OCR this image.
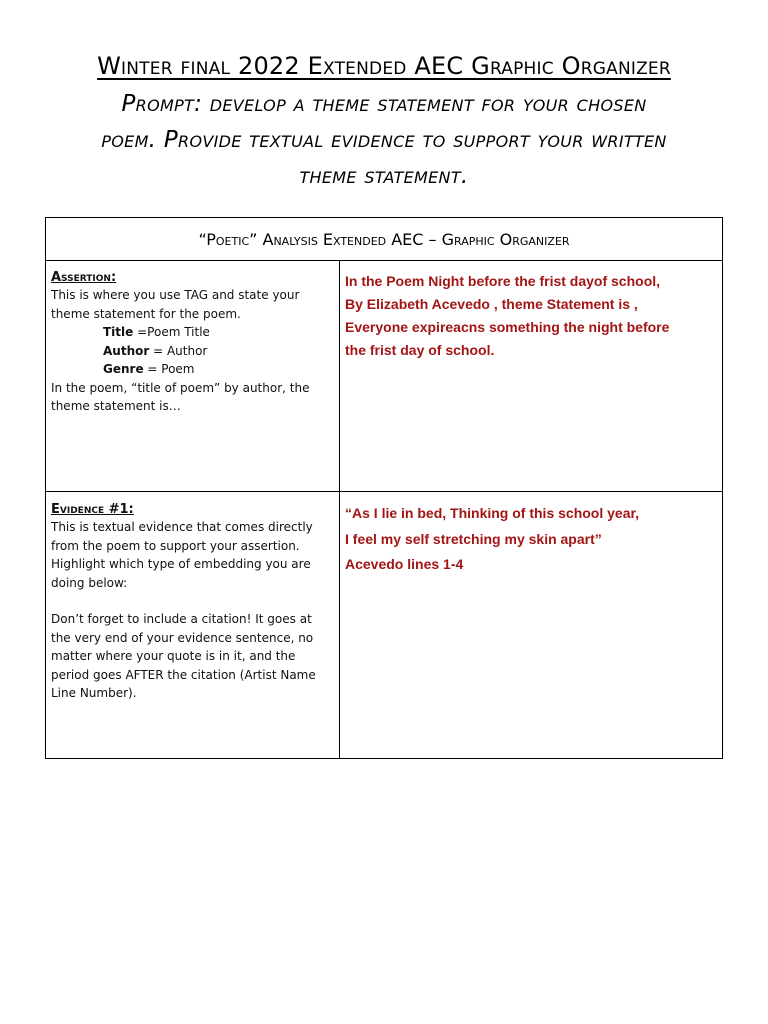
Winter final 2022 Extended AEC Graphic Organizer
Prompt: develop a theme statement for your chosen
poem. Provide textual evidence to support your written
theme statement.
“Poetic” Analysis Extended AEC – Graphic Organizer
Assertion:

This is where you use TAG and state your theme statement for the poem.

Title =Poem Title

Author = Author

Genre = Poem

In the poem, “title of poem” by author, the theme statement is…

In the Poem Night before the frist dayof school,

By Elizabeth Acevedo , theme Statement is ,

Everyone expireacns something the night before

the frist day of school.

Evidence #1:

This is textual evidence that comes directly from the poem to support your assertion. Highlight which type of embedding you are doing below:

Don’t forget to include a citation! It goes at the very end of your evidence sentence, no matter where your quote is in it, and the period goes AFTER the citation (Artist Name Line Number).

“As I lie in bed, Thinking of this school year,

I feel my self stretching my skin apart”

Acevedo lines 1-4
